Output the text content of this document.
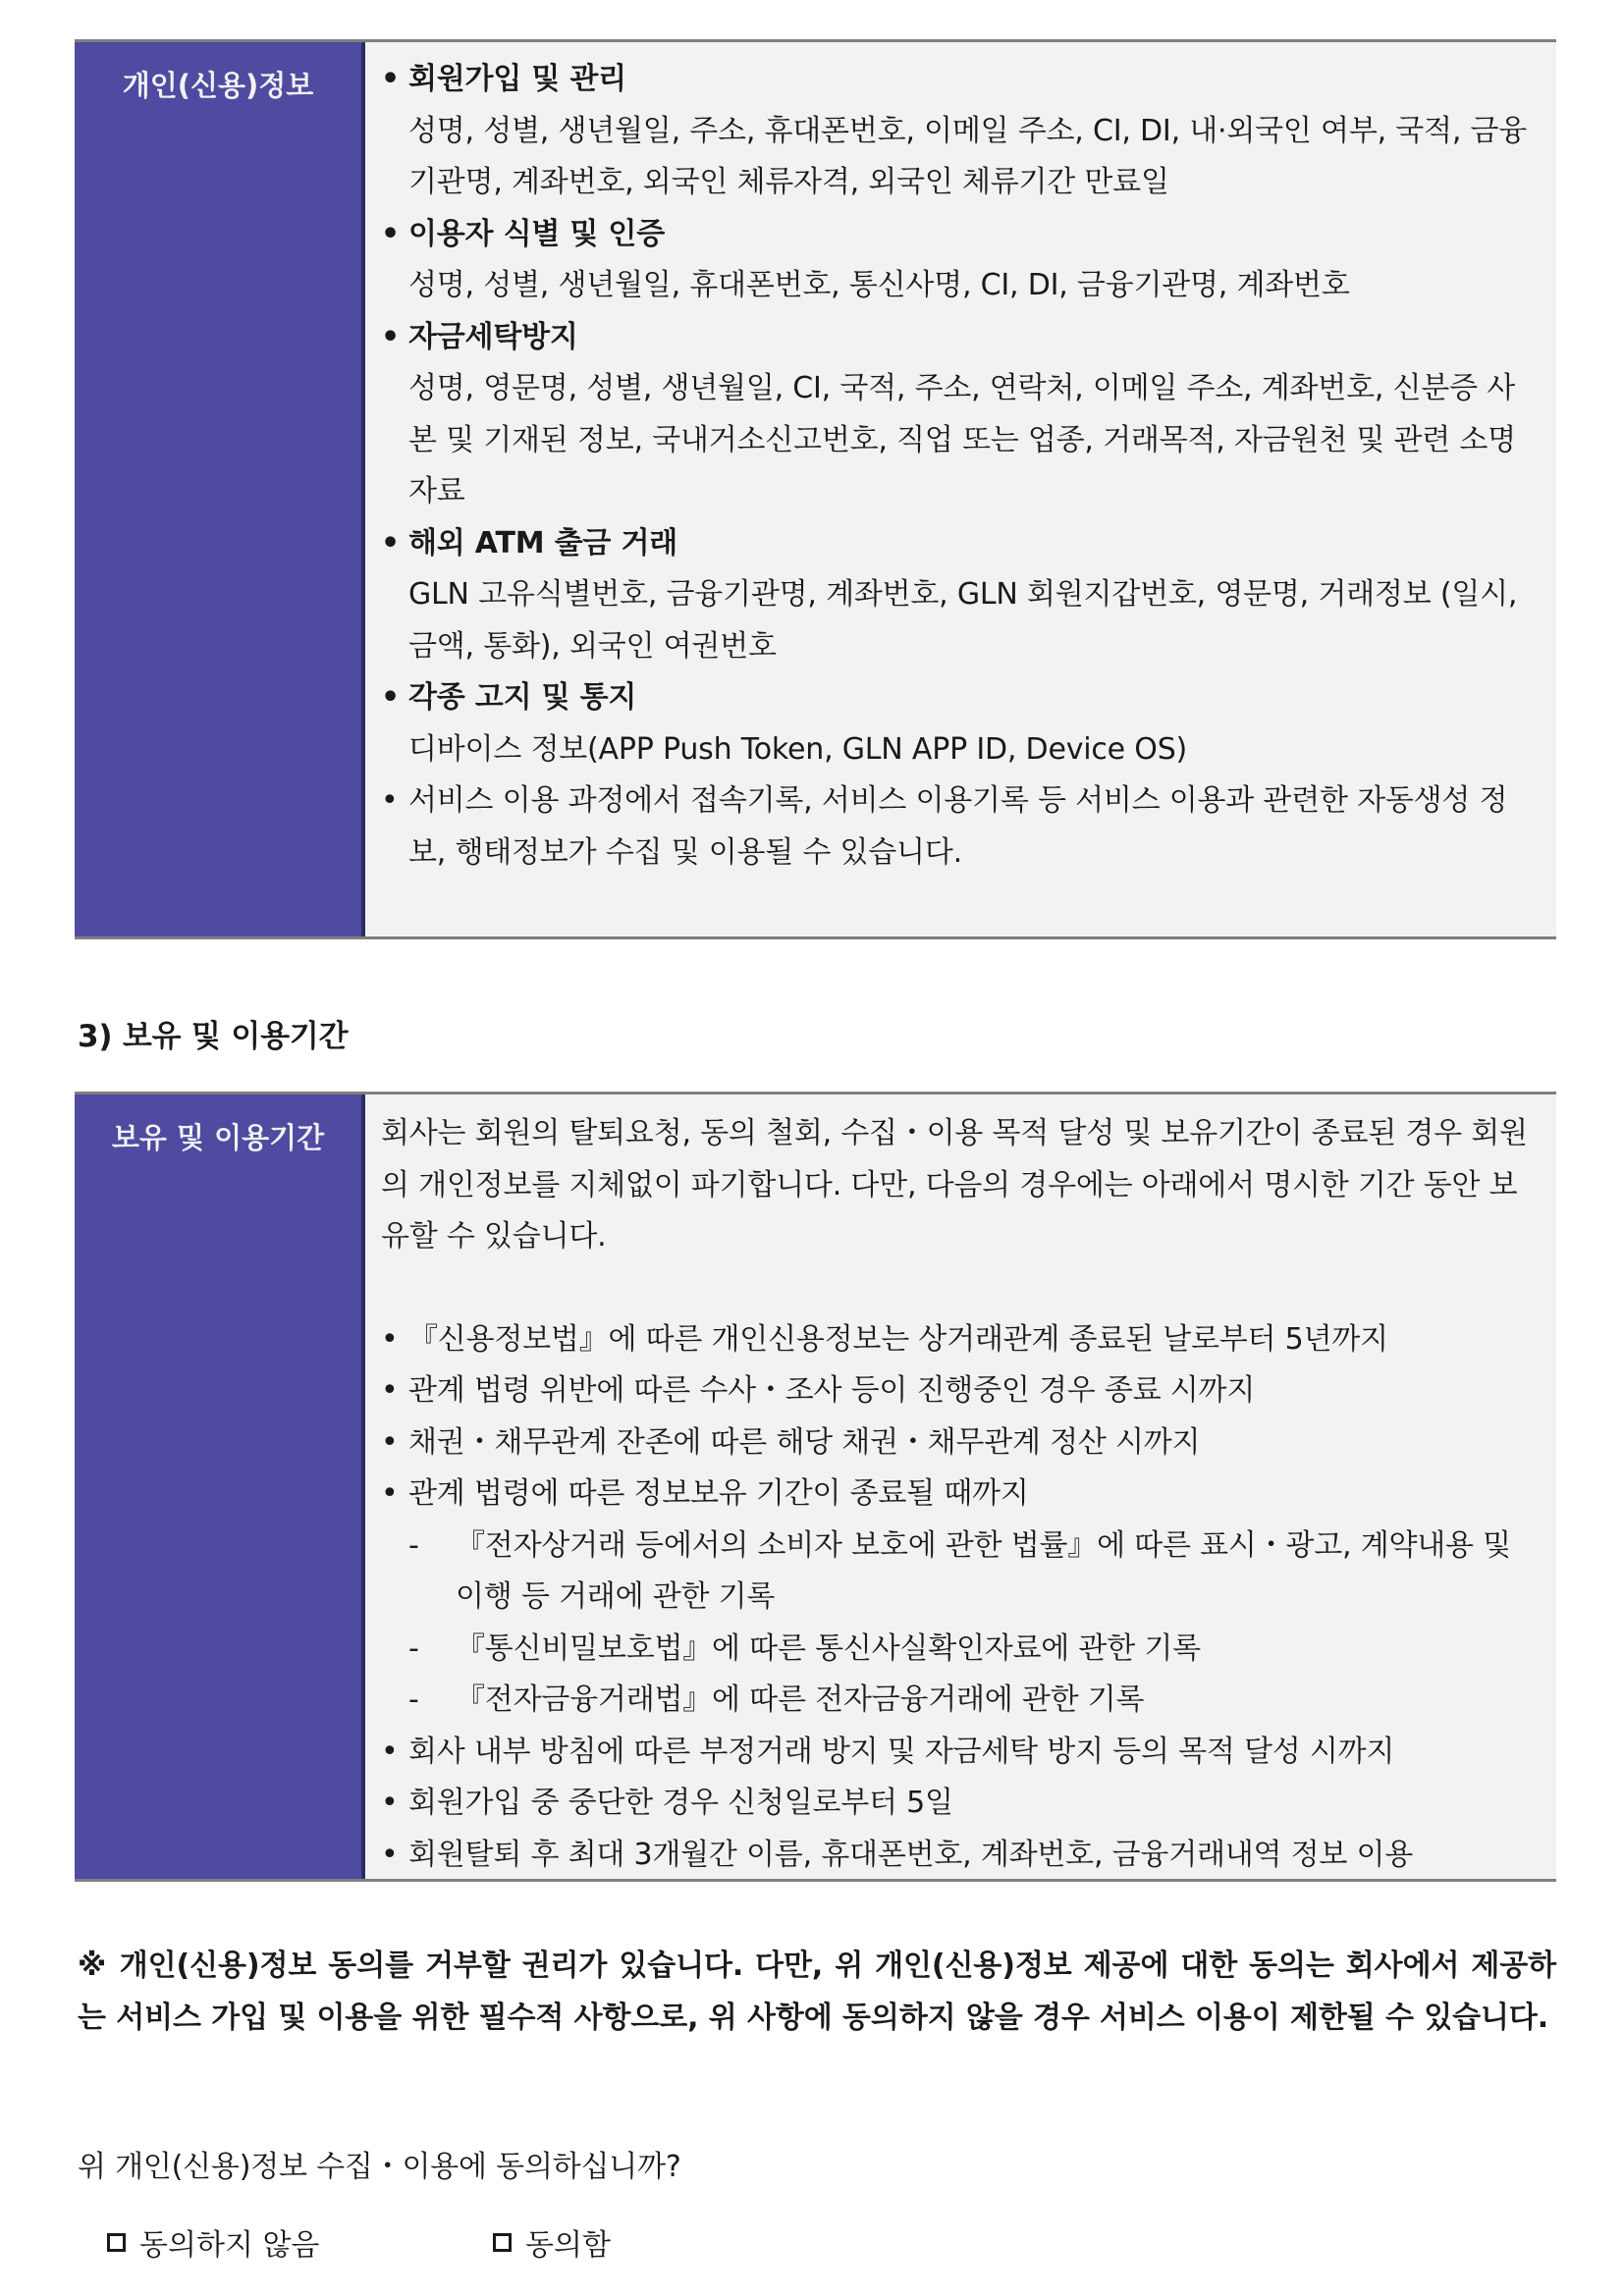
개인(신용)정보
•	회원가입 및 관리
성명, 성별, 생년월일, 주소, 휴대폰번호, 이메일 주소, CI, DI, 내·외국인 여부, 국적, 금융기관명, 계좌번호, 외국인 체류자격, 외국인 체류기간 만료일
• 이용자 식별 및 인증
성명, 성별, 생년월일, 휴대폰번호, 통신사명, CI, DI, 금융기관명, 계좌번호
• 자금세탁방지
성명, 영문명, 성별, 생년월일, CI, 국적, 주소, 연락처, 이메일 주소, 계좌번호, 신분증 사본 및 기재된 정보, 국내거소신고번호, 직업 또는 업종, 거래목적, 자금원천 및 관련 소명 자료
• 해외 ATM 출금 거래
GLN 고유식별번호, 금융기관명, 계좌번호, GLN 회원지갑번호, 영문명, 거래정보 (일시, 금액, 통화), 외국인 여권번호
• 각종 고지 및 통지
디바이스 정보(APP Push Token, GLN APP ID, Device OS)
• 서비스 이용 과정에서 접속기록, 서비스 이용기록 등 서비스 이용과 관련한 자동생성 정보, 행태정보가 수집 및 이용될 수 있습니다.
3) 보유 및 이용기간
보유 및 이용기간	회사는 회원의 탈퇴요청, 동의 철회, 수집・이용 목적 달성 및 보유기간이 종료된 경우 회원의 개인정보를 지체없이 파기합니다. 다만, 다음의 경우에는 아래에서 명시한 기간 동안 보유할 수 있습니다.
• 『신용정보법』에 따른 개인신용정보는 상거래관계 종료된 날로부터 5년까지
• 관계 법령 위반에 따른 수사・조사 등이 진행중인 경우 종료 시까지
• 채권・채무관계 잔존에 따른 해당 채권・채무관계 정산 시까지
• 관계 법령에 따른 정보보유 기간이 종료될 때까지
- 『전자상거래 등에서의 소비자 보호에 관한 법률』에 따른 표시・광고, 계약내용 및 이행 등 거래에 관한 기록
- 『통신비밀보호법』에 따른 통신사실확인자료에 관한 기록
- 『전자금융거래법』에 따른 전자금융거래에 관한 기록
• 회사 내부 방침에 따른 부정거래 방지 및 자금세탁 방지 등의 목적 달성 시까지
• 회원가입 중 중단한 경우 신청일로부터 5일
• 회원탈퇴 후 최대 3개월간 이름, 휴대폰번호, 계좌번호, 금융거래내역 정보 이용
※ 개인(신용)정보 동의를 거부할 권리가 있습니다. 다만, 위 개인(신용)정보 제공에 대한 동의는 회사에서 제공하는 서비스 가입 및 이용을 위한 필수적 사항으로, 위 사항에 동의하지 않을 경우 서비스 이용이 제한될 수 있습니다.
위 개인(신용)정보 수집・이용에 동의하십니까?
동의하지 않음	동의함
